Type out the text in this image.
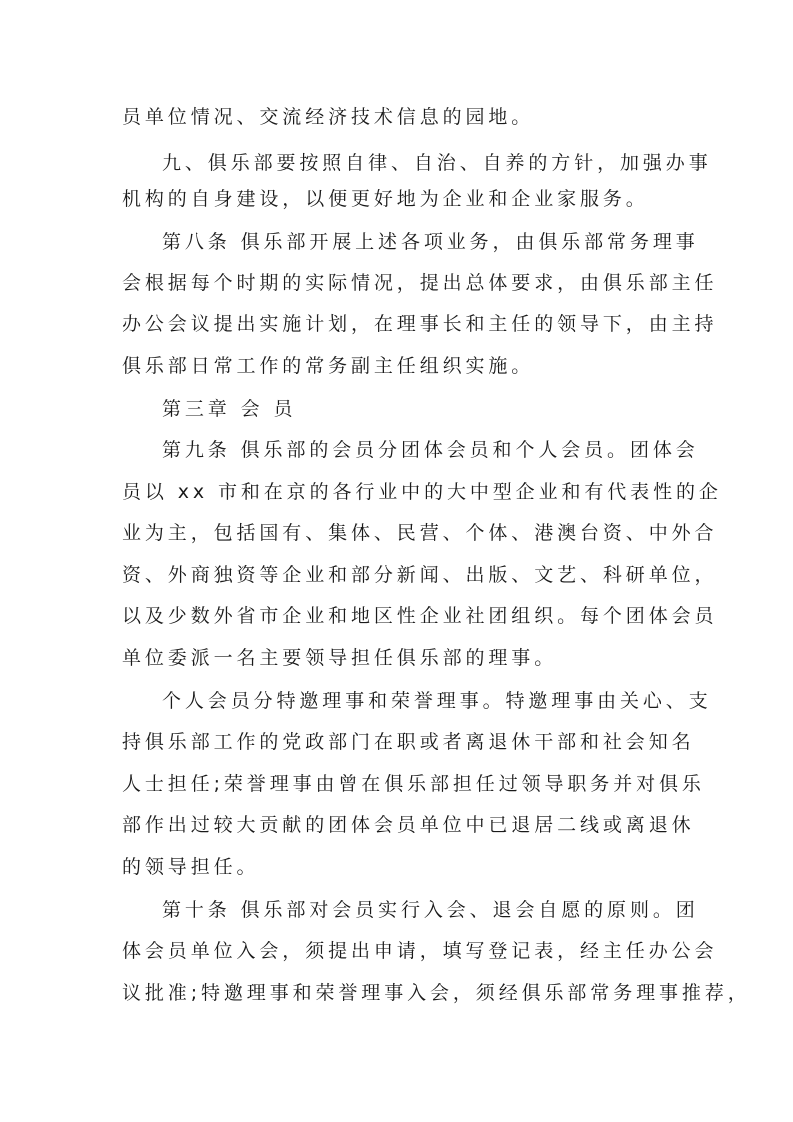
员单位情况、交流经济技术信息的园地。
九、俱乐部要按照自律、自治、自养的方针，加强办事
机构的自身建设，以便更好地为企业和企业家服务。
第八条 俱乐部开展上述各项业务，由俱乐部常务理事
会根据每个时期的实际情况，提出总体要求，由俱乐部主任
办公会议提出实施计划，在理事长和主任的领导下，由主持
俱乐部日常工作的常务副主任组织实施。
第三章 会 员
第九条 俱乐部的会员分团体会员和个人会员。团体会
员以 xx 市和在京的各行业中的大中型企业和有代表性的企
业为主，包括国有、集体、民营、个体、港澳台资、中外合
资、外商独资等企业和部分新闻、出版、文艺、科研单位，
以及少数外省市企业和地区性企业社团组织。每个团体会员
单位委派一名主要领导担任俱乐部的理事。
个人会员分特邀理事和荣誉理事。特邀理事由关心、支
持俱乐部工作的党政部门在职或者离退休干部和社会知名
人士担任;荣誉理事由曾在俱乐部担任过领导职务并对俱乐
部作出过较大贡献的团体会员单位中已退居二线或离退休
的领导担任。
第十条 俱乐部对会员实行入会、退会自愿的原则。团
体会员单位入会，须提出申请，填写登记表，经主任办公会
议批准;特邀理事和荣誉理事入会，须经俱乐部常务理事推荐，
